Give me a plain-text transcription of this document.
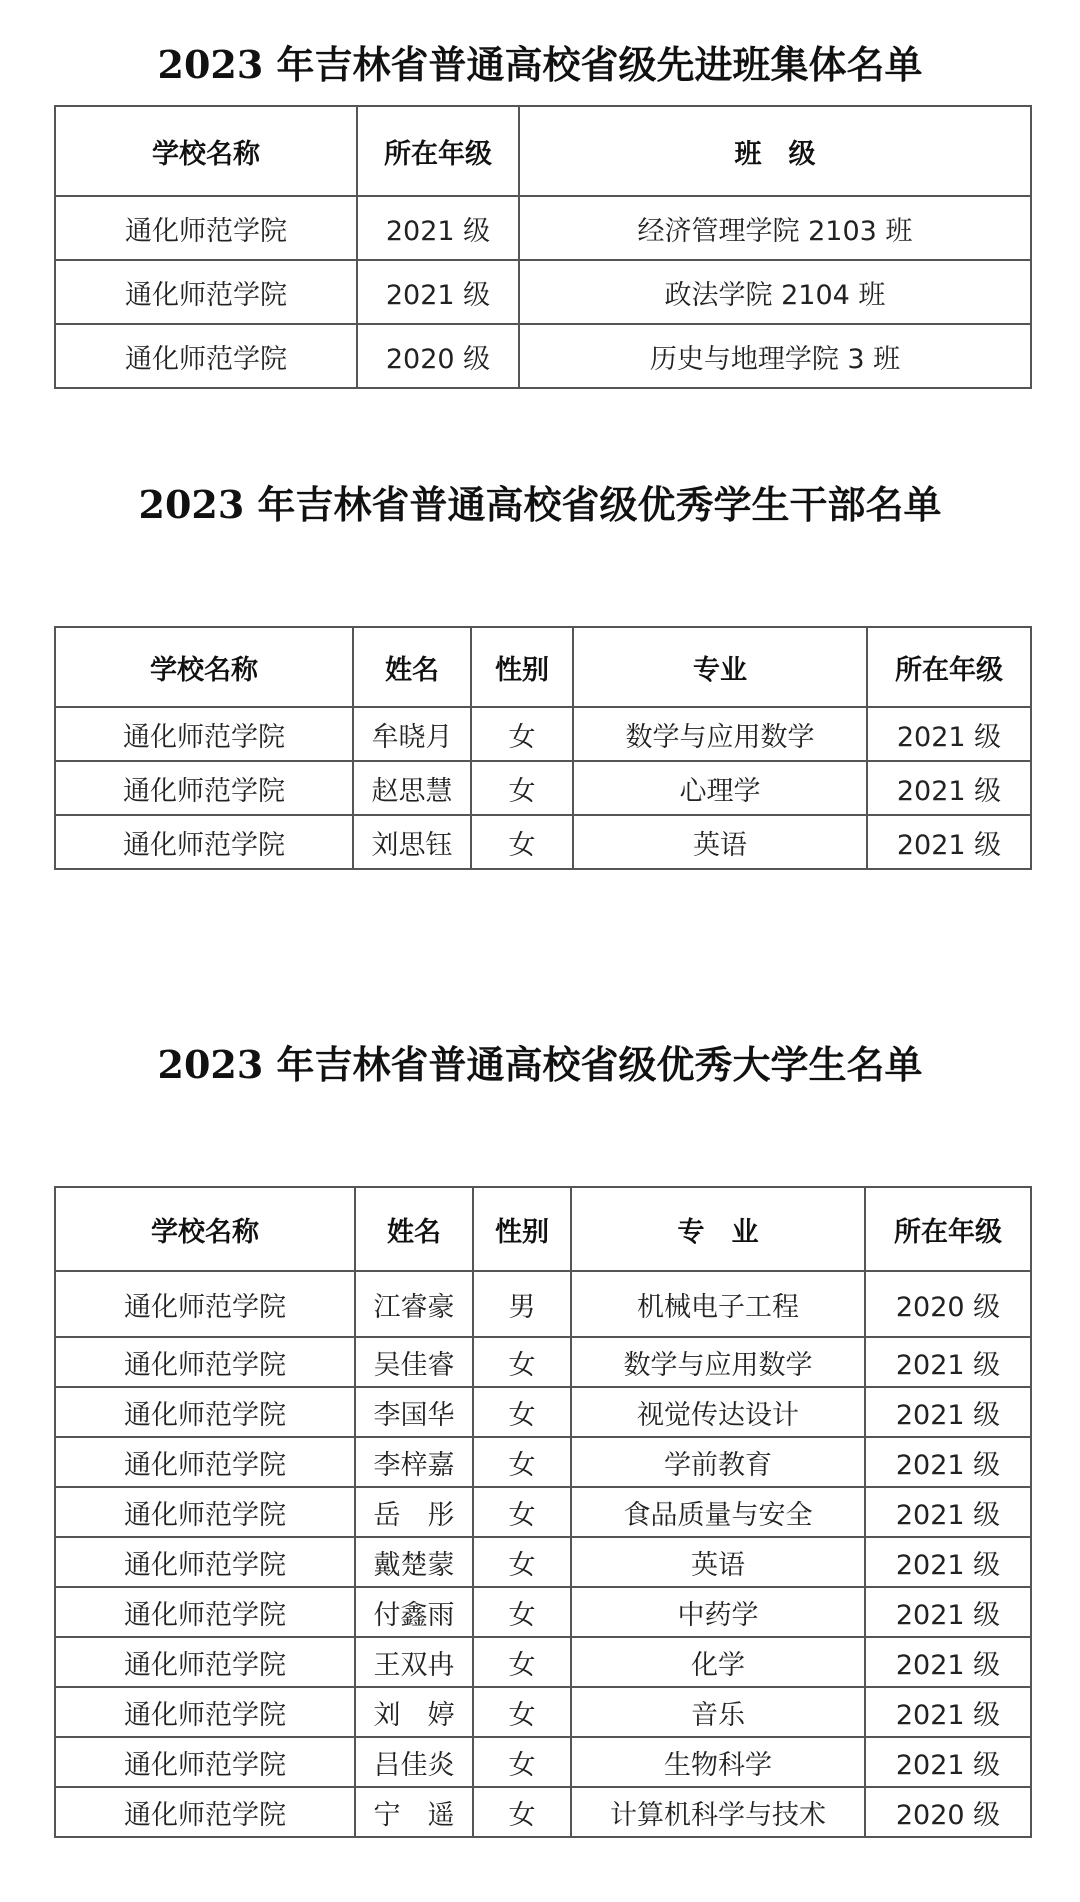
2023 年吉林省普通高校省级先进班集体名单
学校名称	所在年级	班　级
通化师范学院	2021 级	经济管理学院 2103 班
通化师范学院	2021 级	政法学院 2104 班
通化师范学院	2020 级	历史与地理学院 3 班
2023 年吉林省普通高校省级优秀学生干部名单
学校名称	姓名	性别	专业	所在年级
通化师范学院	牟晓月	女	数学与应用数学	2021 级
通化师范学院	赵思慧	女	心理学	2021 级
通化师范学院	刘思钰	女	英语	2021 级
2023 年吉林省普通高校省级优秀大学生名单
学校名称	姓名	性别	专　业	所在年级
通化师范学院	江睿豪	男	机械电子工程	2020 级
通化师范学院	吴佳睿	女	数学与应用数学	2021 级
通化师范学院	李国华	女	视觉传达设计	2021 级
通化师范学院	李梓嘉	女	学前教育	2021 级
通化师范学院	岳　彤	女	食品质量与安全	2021 级
通化师范学院	戴楚蒙	女	英语	2021 级
通化师范学院	付鑫雨	女	中药学	2021 级
通化师范学院	王双冉	女	化学	2021 级
通化师范学院	刘　婷	女	音乐	2021 级
通化师范学院	吕佳炎	女	生物科学	2021 级
通化师范学院	宁　遥	女	计算机科学与技术	2020 级
